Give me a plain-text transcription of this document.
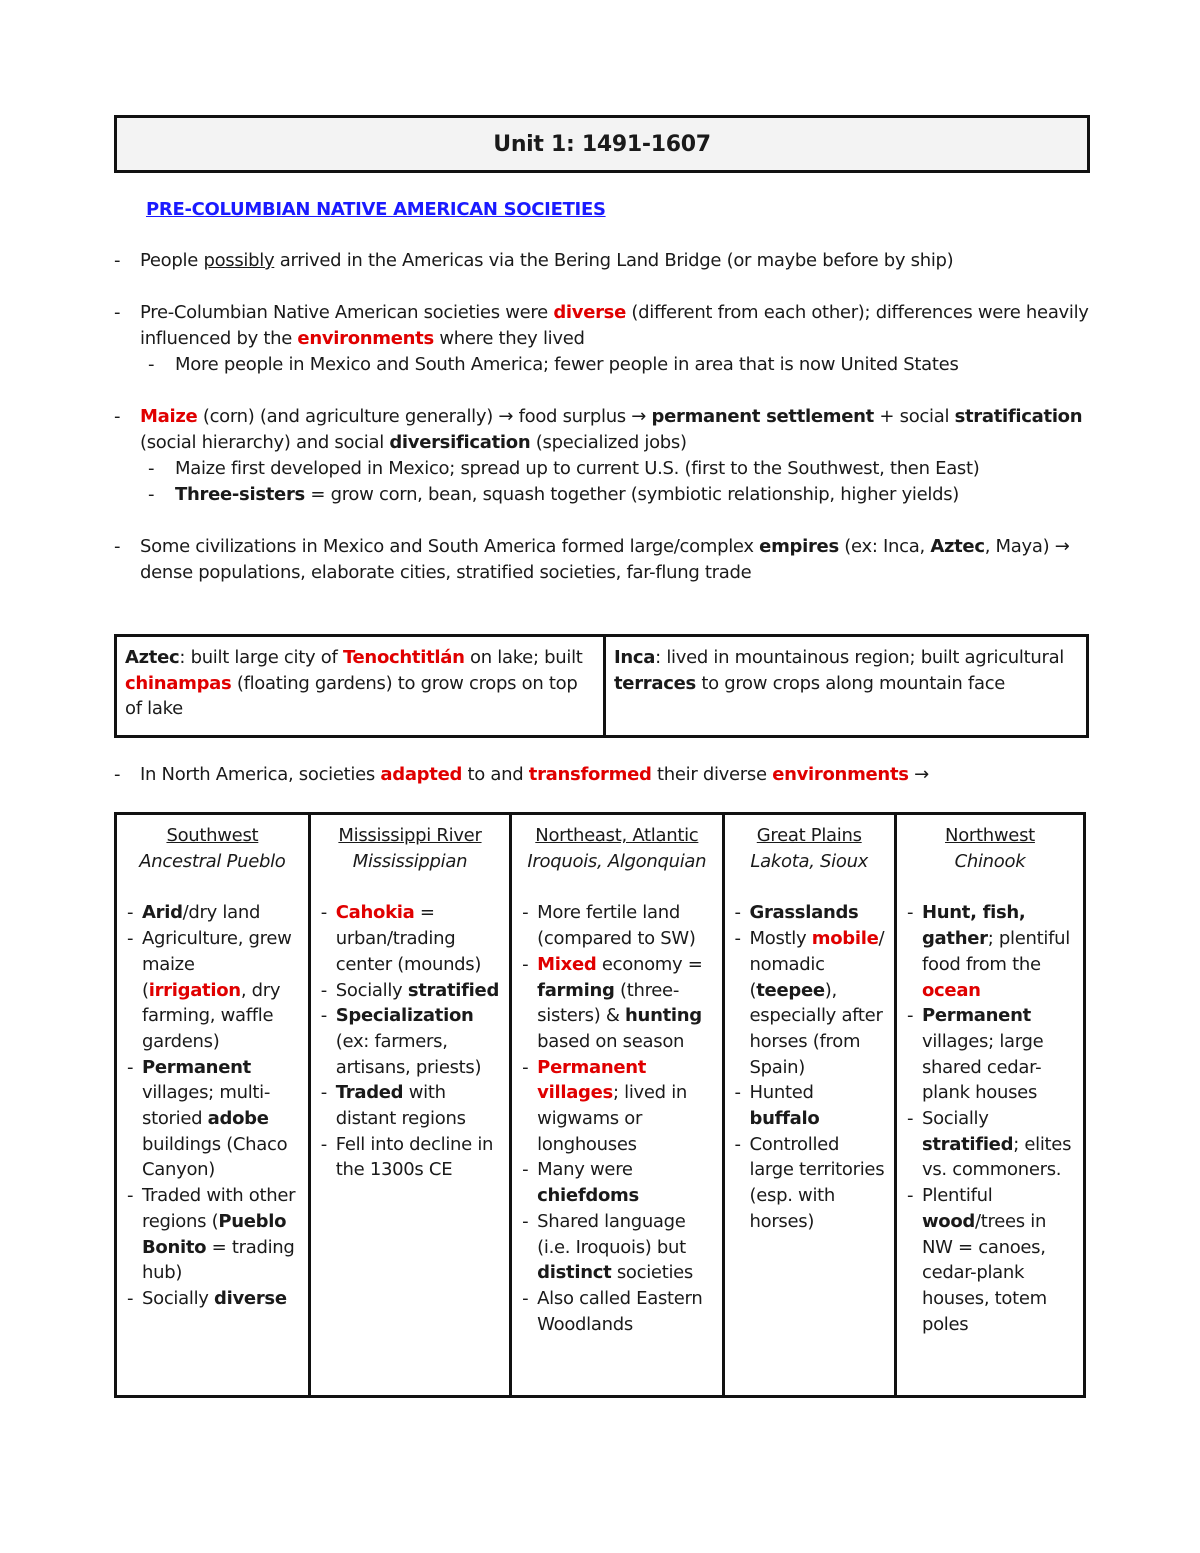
Unit 1: 1491-1607
PRE-COLUMBIAN NATIVE AMERICAN SOCIETIES
- People possibly arrived in the Americas via the Bering Land Bridge (or maybe before by ship)
- Pre-Columbian Native American societies were diverse (different from each other); differences were heavily influenced by the environments where they lived
- More people in Mexico and South America; fewer people in area that is now United States
- Maize (corn) (and agriculture generally) → food surplus → permanent settlement + social stratification (social hierarchy) and social diversification (specialized jobs)
- Maize first developed in Mexico; spread up to current U.S. (first to the Southwest, then East)
- Three-sisters = grow corn, bean, squash together (symbiotic relationship, higher yields)
- Some civilizations in Mexico and South America formed large/complex empires (ex: Inca, Aztec, Maya) → dense populations, elaborate cities, stratified societies, far-flung trade
Aztec: built large city of Tenochtitlán on lake; built chinampas (floating gardens) to grow crops on top of lake	Inca: lived in mountainous region; built agricultural terraces to grow crops along mountain face
- In North America, societies adapted to and transformed their diverse environments →
Southwest
Ancestral Pueblo
- Arid/dry land
- Agriculture, grew maize (irrigation, dry farming, waffle gardens)
- Permanent villages; multi-storied adobe buildings (Chaco Canyon)
- Traded with other regions (Pueblo Bonito = trading hub)
- Socially diverse

Mississippi River
Mississippian
- Cahokia = urban/trading center (mounds)
- Socially stratified
- Specialization (ex: farmers, artisans, priests)
- Traded with distant regions
- Fell into decline in the 1300s CE

Northeast, Atlantic
Iroquois, Algonquian
- More fertile land (compared to SW)
- Mixed economy = farming (three-sisters) & hunting based on season
- Permanent villages; lived in wigwams or longhouses
- Many were chiefdoms
- Shared language (i.e. Iroquois) but distinct societies
- Also called Eastern Woodlands

Great Plains
Lakota, Sioux
- Grasslands
- Mostly mobile/ nomadic (teepee), especially after horses (from Spain)
- Hunted buffalo
- Controlled large territories (esp. with horses)

Northwest
Chinook
- Hunt, fish, gather; plentiful food from the ocean
- Permanent villages; large shared cedar-plank houses
- Socially stratified; elites vs. commoners.
- Plentiful wood/trees in NW = canoes, cedar-plank houses, totem poles
